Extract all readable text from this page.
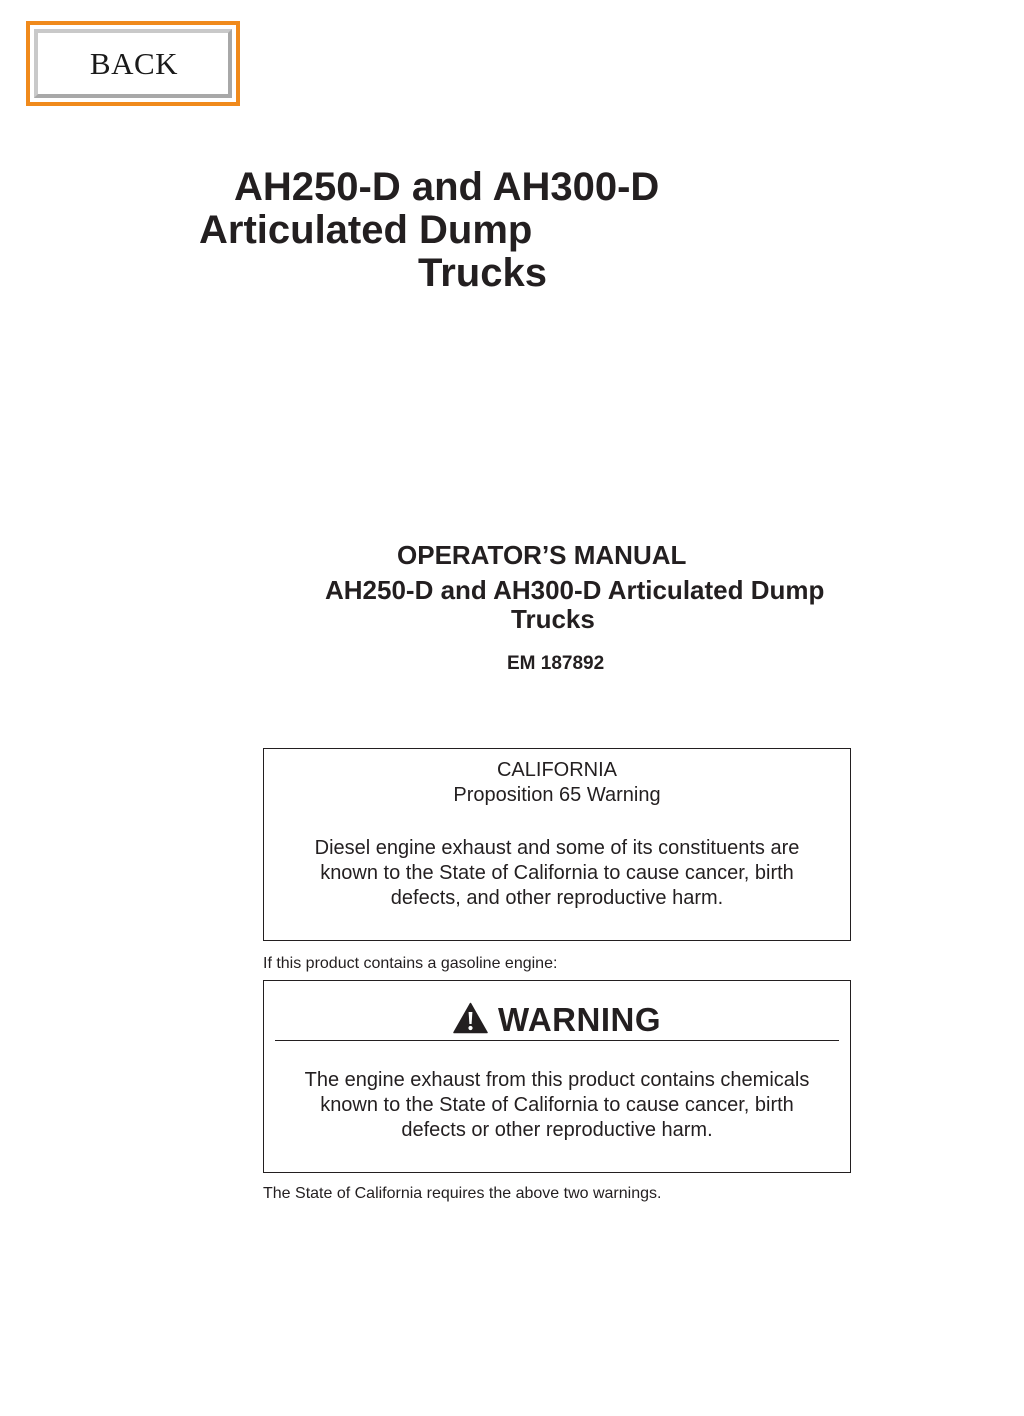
BACK
AH250-D and AH300-D
Articulated Dump
Trucks
OPERATOR’S MANUAL
AH250-D and AH300-D Articulated Dump
Trucks
EM 187892
CALIFORNIA
Proposition 65 Warning
Diesel engine exhaust and some of its constituents are
known to the State of California to cause cancer, birth
defects, and other reproductive harm.
If this product contains a gasoline engine:
WARNING
The engine exhaust from this product contains chemicals
known to the State of California to cause cancer, birth
defects or other reproductive harm.
The State of California requires the above two warnings.
